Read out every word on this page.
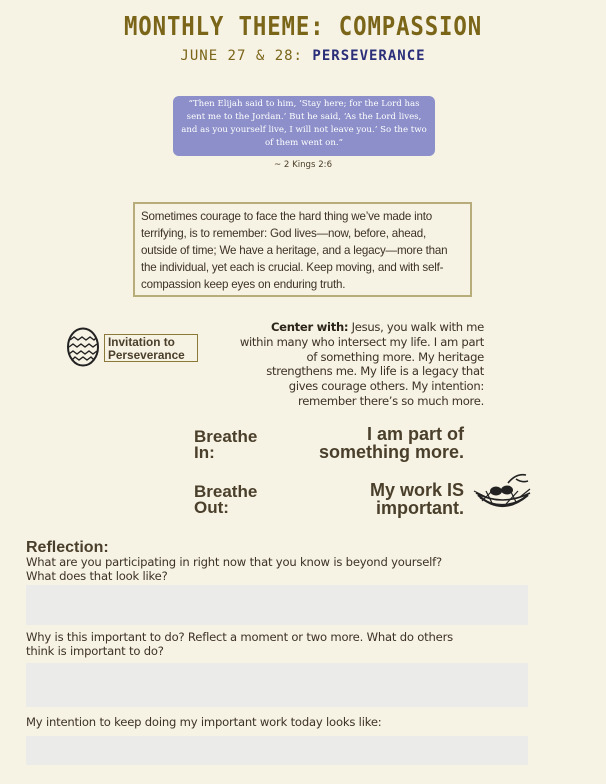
MONTHLY THEME: COMPASSION
JUNE 27 & 28: PERSEVERANCE
“Then Elijah said to him, ‘Stay here; for the Lord has sent me to the Jordan.’ But he said, ‘As the Lord lives, and as you yourself live, I will not leave you.’ So the two of them went on.”
~ 2 Kings 2:6
Sometimes courage to face the hard thing we’ve made into terrifying, is to remember: God lives—now, before, ahead, outside of time; We have a heritage, and a legacy—more than the individual, yet each is crucial. Keep moving, and with self-compassion keep eyes on enduring truth.
Invitation to
Perseverance
Center with: Jesus, you walk with me
within many who intersect my life. I am part
of something more. My heritage
strengthens me. My life is a legacy that
gives courage others. My intention:
remember there’s so much more.
Breathe
In:
I am part of
something more.
Breathe
Out:
My work IS
important.
Reflection:
What are you participating in right now that you know is beyond yourself?
What does that look like?
Why is this important to do? Reflect a moment or two more. What do others
think is important to do?
My intention to keep doing my important work today looks like:
